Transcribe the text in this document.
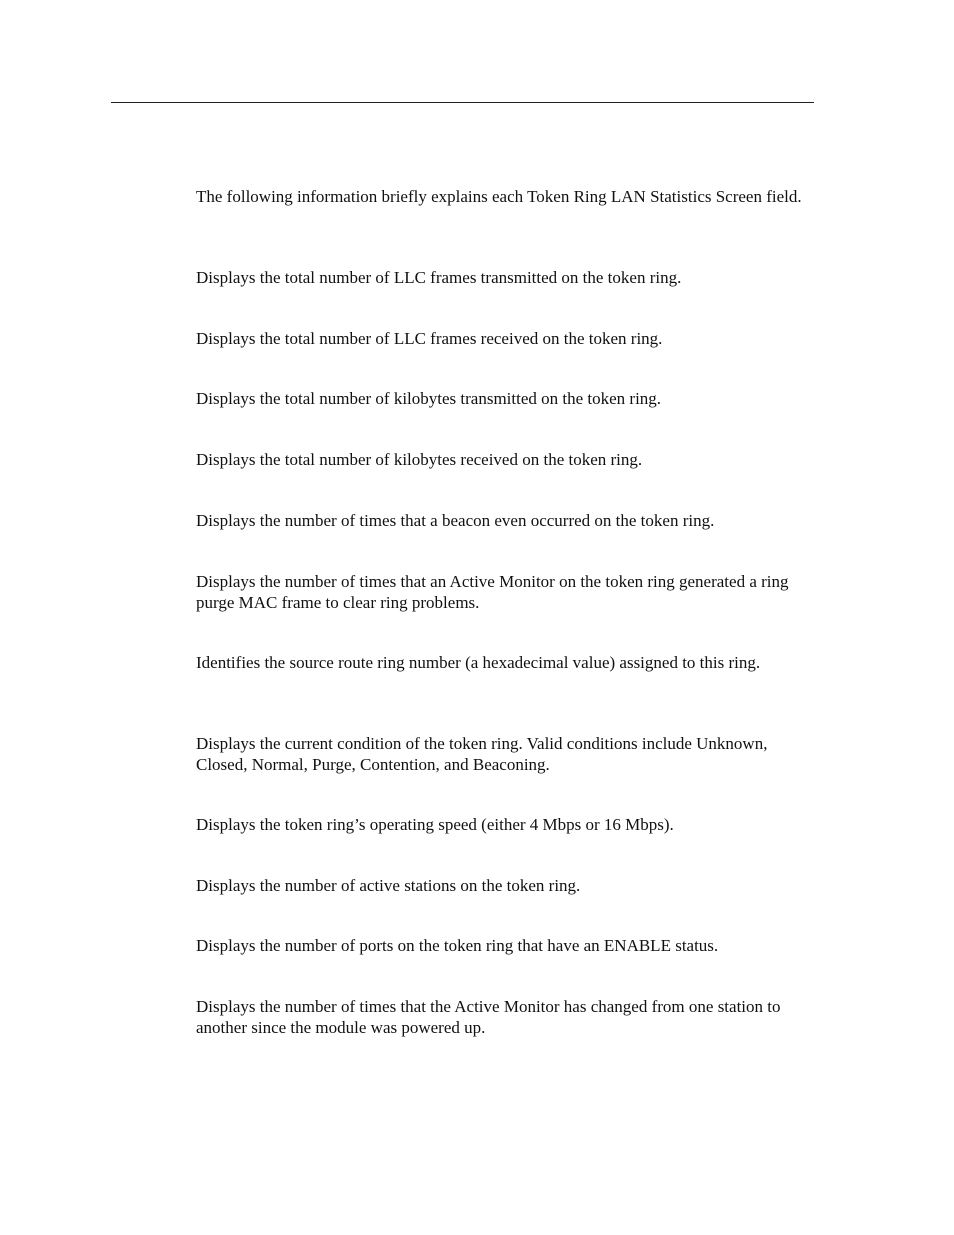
The following information briefly explains each Token Ring LAN Statistics Screen field.

Displays the total number of LLC frames transmitted on the token ring.

Displays the total number of LLC frames received on the token ring.

Displays the total number of kilobytes transmitted on the token ring.

Displays the total number of kilobytes received on the token ring.

Displays the number of times that a beacon even occurred on the token ring.

Displays the number of times that an Active Monitor on the token ring generated a ring purge MAC frame to clear ring problems.

Identifies the source route ring number (a hexadecimal value) assigned to this ring.

Displays the current condition of the token ring. Valid conditions include Unknown, Closed, Normal, Purge, Contention, and Beaconing.

Displays the token ring’s operating speed (either 4 Mbps or 16 Mbps).

Displays the number of active stations on the token ring.

Displays the number of ports on the token ring that have an ENABLE status.

Displays the number of times that the Active Monitor has changed from one station to another since the module was powered up.
